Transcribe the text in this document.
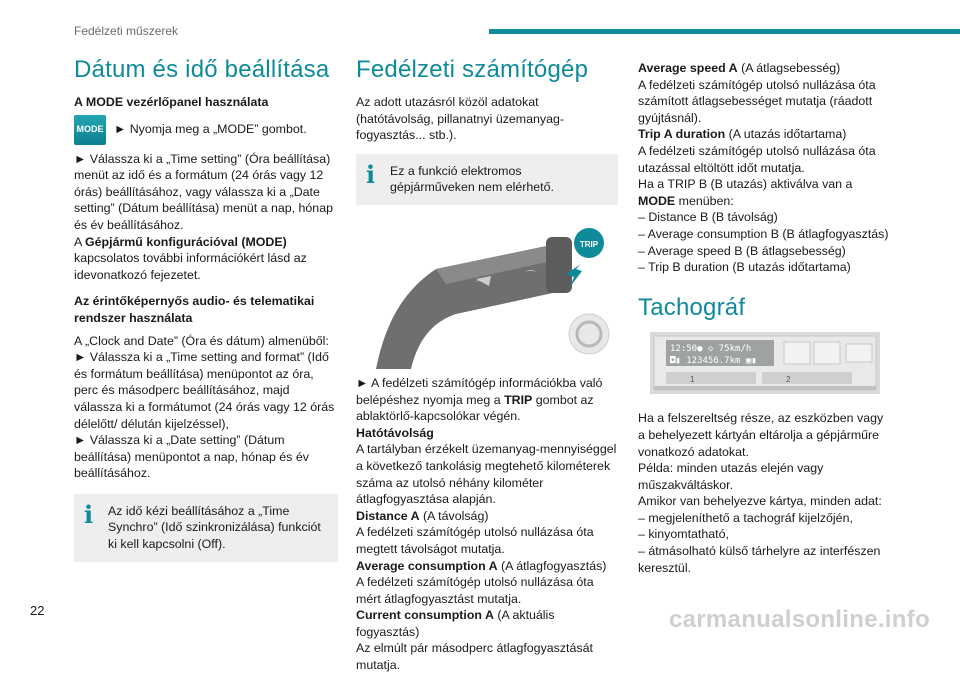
Fedélzeti műszerek
Dátum és idő beállítása
A MODE vezérlőpanel használata
MODE ► Nyomja meg a „MODE” gombot.

► Válassza ki a „Time setting” (Óra beállítása) menüt az idő és a formátum (24 órás vagy 12 órás) beállításához, vagy válassza ki a „Date setting” (Dátum beállítása) menüt a nap, hónap és év beállításához.

A Gépjármű konfigurációval (MODE) kapcsolatos további információkért lásd az idevonatkozó fejezetet.

Az érintőképernyős audio- és telematikai rendszer használata

A „Clock and Date” (Óra és dátum) almenüből:

► Válassza ki a „Time setting and format” (Idő és formátum beállítása) menüpontot az óra, perc és másodperc beállításához, majd válassza ki a formátumot (24 órás vagy 12 órás délelőtt/ délután kijelzéssel),

► Válassza ki a „Date setting” (Dátum beállítása) menüpontot a nap, hónap és év beállításához.

i Az idő kézi beállításához a „Time Synchro” (Idő szinkronizálása) funkciót ki kell kapcsolni (Off).
Fedélzeti számítógép

Az adott utazásról közöl adatokat (hatótávolság, pillanatnyi üzemanyag-fogyasztás... stb.).

i Ez a funkció elektromos gépjárműveken nem elérhető.
⌒
⌒
TRIP

► A fedélzeti számítógép információkba való belépéshez nyomja meg a TRIP gombot az ablaktörlő-kapcsolókar végén.

Hatótávolság

A tartályban érzékelt üzemanyag-mennyiséggel a következő tankolásig megtehető kilométerek száma az utolsó néhány kilométer átlagfogyasztása alapján.

Distance A (A távolság)

A fedélzeti számítógép utolsó nullázása óta megtett távolságot mutatja.

Average consumption A (A átlagfogyasztás)

A fedélzeti számítógép utolsó nullázása óta mért átlagfogyasztást mutatja.

Current consumption A (A aktuális fogyasztás)

Az elmúlt pár másodperc átlagfogyasztását mutatja.

Average speed A (A átlagsebesség)

A fedélzeti számítógép utolsó nullázása óta számított átlagsebességet mutatja (ráadott gyújtásnál).

Trip A duration (A utazás időtartama)

A fedélzeti számítógép utolsó nullázása óta utazással eltöltött időt mutatja.

Ha a TRIP B (B utazás) aktiválva van a MODE menüben:

– Distance B (B távolság)
– Average consumption B (B átlagfogyasztás)
– Average speed B (B átlagsebesség)
– Trip B duration (B utazás időtartama)
Tachográf
12:50● ◇ 75km/h
◘▮ 123456.7km ▣▮
1	2

Ha a felszereltség része, az eszközben vagy a behelyezett kártyán eltárolja a gépjárműre vonatkozó adatokat.

Példa: minden utazás elején vagy műszakváltáskor.

Amikor van behelyezve kártya, minden adat:

– megjeleníthető a tachográf kijelzőjén,
– kinyomtatható,
– átmásolható külső tárhelyre az interfészen keresztül.
22	carmanualsonline.info
